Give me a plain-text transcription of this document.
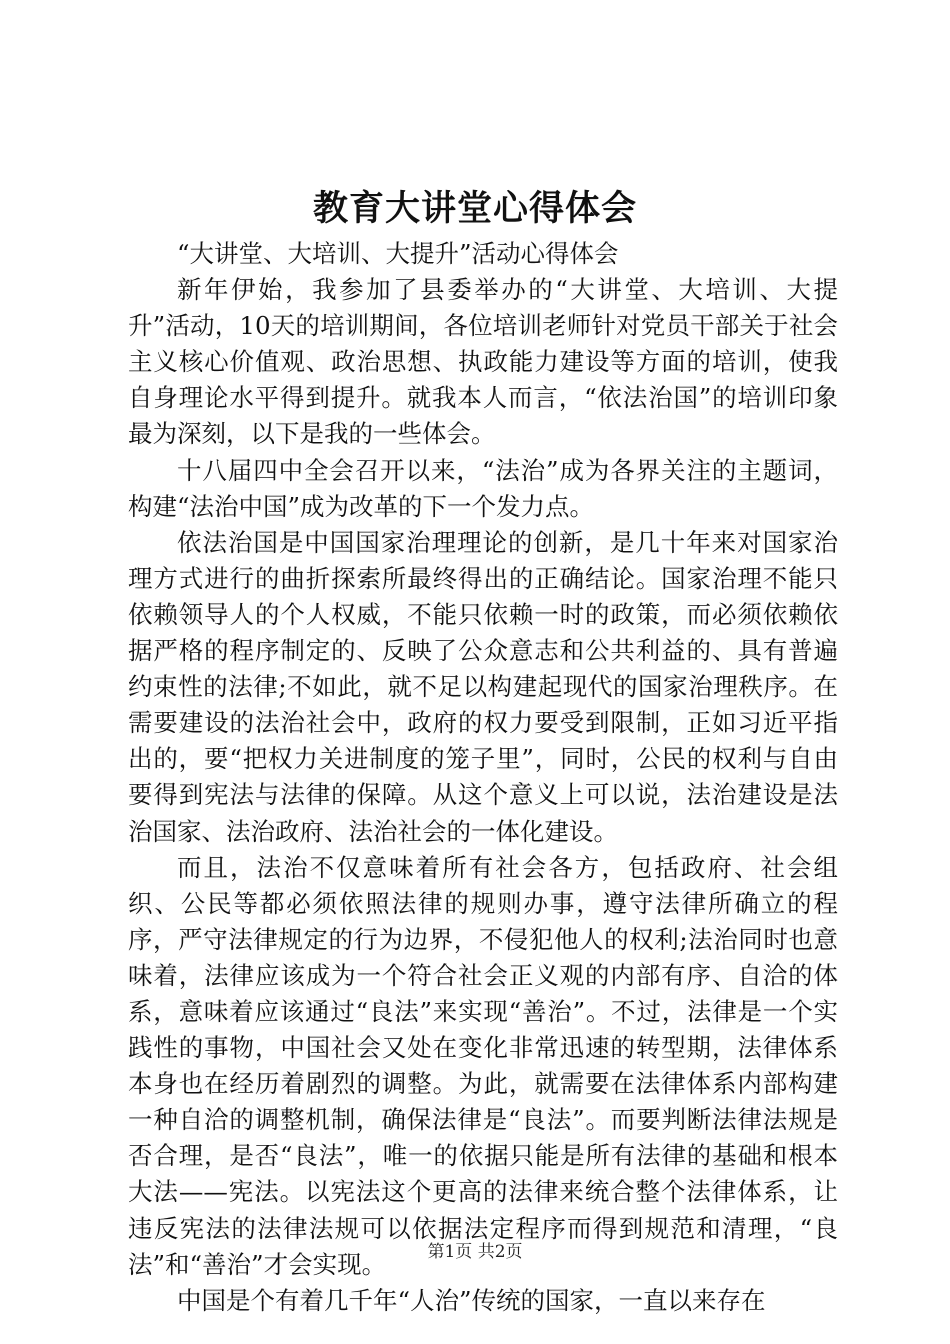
教育大讲堂心得体会

“大讲堂、大培训、大提升”活动心得体会

新年伊始，我参加了县委举办的“大讲堂、大培训、大提升”活动，10天的培训期间，各位培训老师针对党员干部关于社会主义核心价值观、政治思想、执政能力建设等方面的培训，使我自身理论水平得到提升。就我本人而言，“依法治国”的培训印象最为深刻，以下是我的一些体会。

十八届四中全会召开以来，“法治”成为各界关注的主题词，构建“法治中国”成为改革的下一个发力点。

依法治国是中国国家治理理论的创新，是几十年来对国家治理方式进行的曲折探索所最终得出的正确结论。国家治理不能只依赖领导人的个人权威，不能只依赖一时的政策，而必须依赖依据严格的程序制定的、反映了公众意志和公共利益的、具有普遍约束性的法律;不如此，就不足以构建起现代的国家治理秩序。在需要建设的法治社会中，政府的权力要受到限制，正如习近平指出的，要“把权力关进制度的笼子里”，同时，公民的权利与自由要得到宪法与法律的保障。从这个意义上可以说，法治建设是法治国家、法治政府、法治社会的一体化建设。

而且，法治不仅意味着所有社会各方，包括政府、社会组织、公民等都必须依照法律的规则办事，遵守法律所确立的程序，严守法律规定的行为边界，不侵犯他人的权利;法治同时也意味着，法律应该成为一个符合社会正义观的内部有序、自洽的体系，意味着应该通过“良法”来实现“善治”。不过，法律是一个实践性的事物，中国社会又处在变化非常迅速的转型期，法律体系本身也在经历着剧烈的调整。为此，就需要在法律体系内部构建一种自洽的调整机制，确保法律是“良法”。而要判断法律法规是否合理，是否“良法”，唯一的依据只能是所有法律的基础和根本大法——宪法。以宪法这个更高的法律来统合整个法律体系，让违反宪法的法律法规可以依据法定程序而得到规范和清理，“良法”和“善治”才会实现。

中国是个有着几千年“人治”传统的国家，一直以来存在

第1页 共2页
